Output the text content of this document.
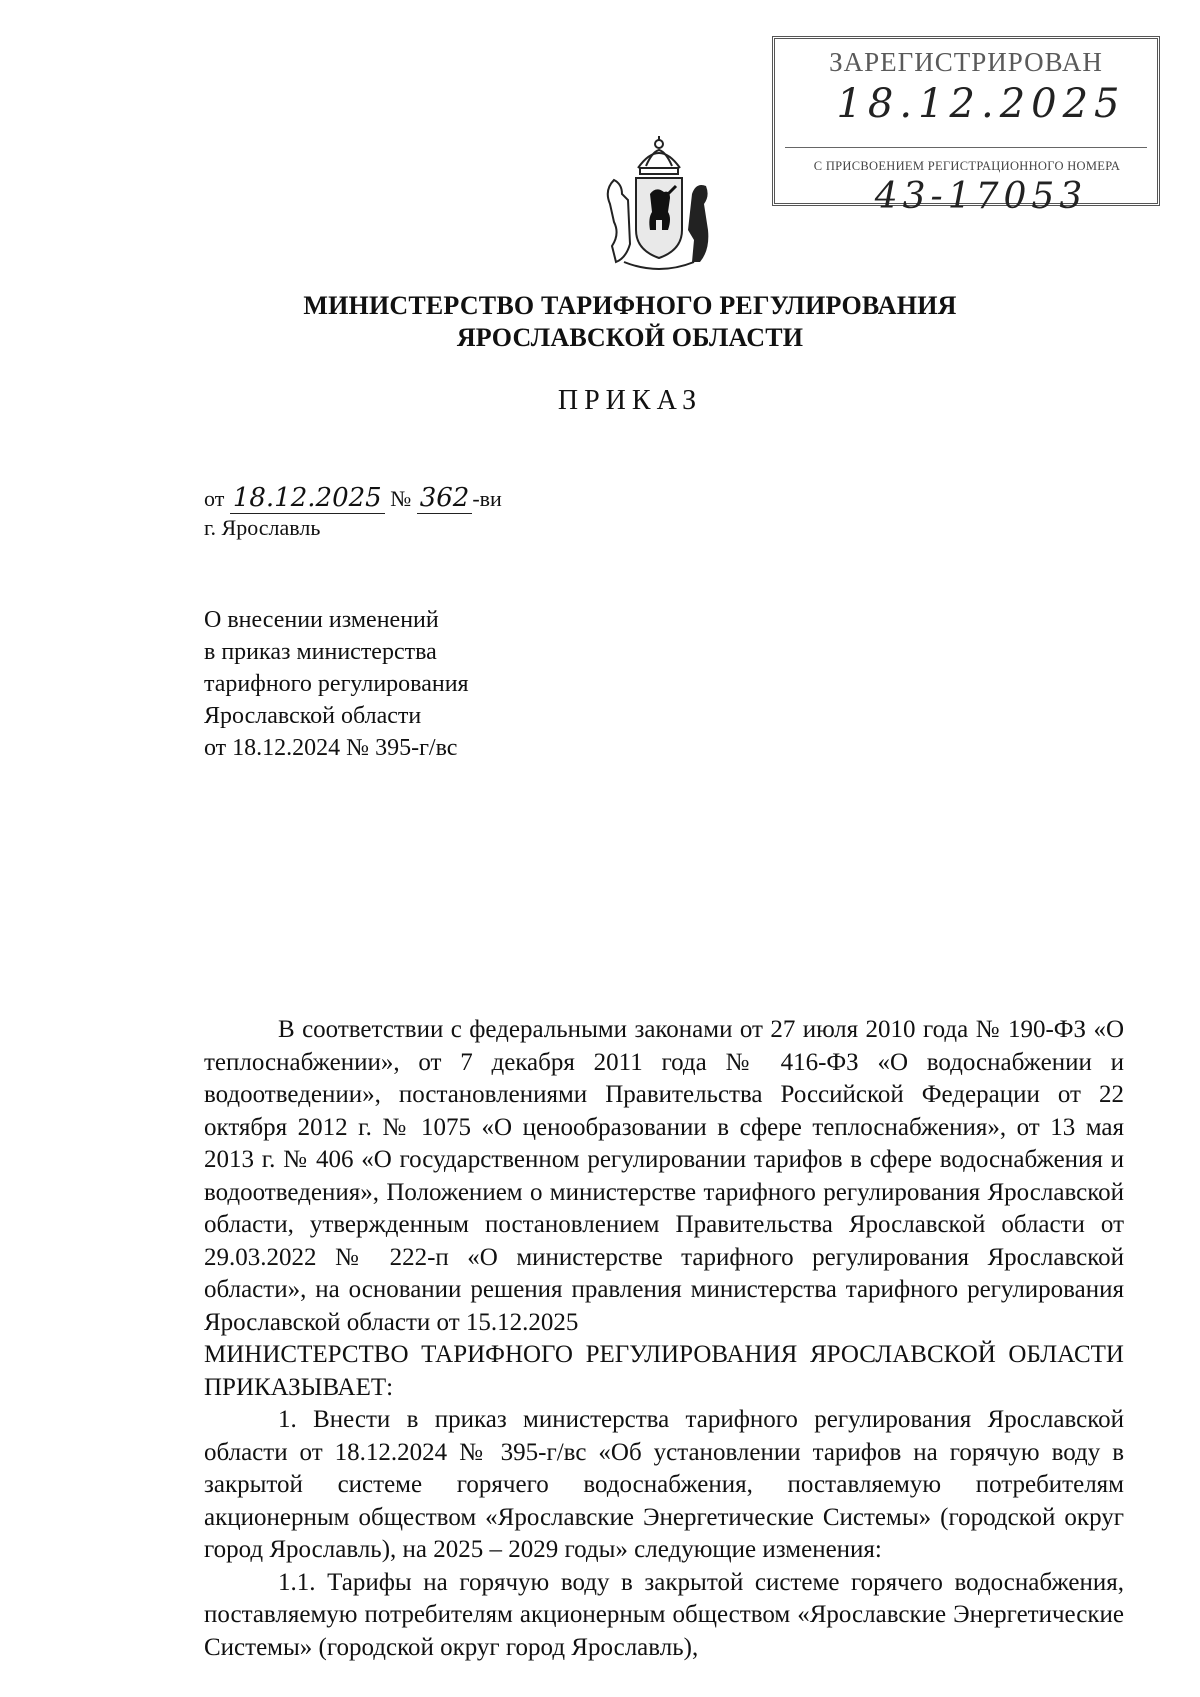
ЗАРЕГИСТРИРОВАН
18.12.2025
С ПРИСВОЕНИЕМ РЕГИСТРАЦИОННОГО НОМЕРА
43-17053
МИНИСТЕРСТВО ТАРИФНОГО РЕГУЛИРОВАНИЯ
ЯРОСЛАВСКОЙ ОБЛАСТИ
ПРИКАЗ
от 18.12.2025 № 362 -ви
г. Ярославль
О внесении изменений
в приказ министерства
тарифного регулирования
Ярославской области
от 18.12.2024 № 395-г/вс

В соответствии с федеральными законами от 27 июля 2010 года № 190-ФЗ «О теплоснабжении», от 7 декабря 2011 года № 416-ФЗ «О водоснабжении и водоотведении», постановлениями Правительства Российской Федерации от 22 октября 2012 г. № 1075 «О ценообразовании в сфере теплоснабжения», от 13 мая 2013 г. № 406 «О государственном регулировании тарифов в сфере водоснабжения и водоотведения», Положением о министерстве тарифного регулирования Ярославской области, утвержденным постановлением Правительства Ярославской области от 29.03.2022 № 222-п «О министерстве тарифного регулирования Ярославской области», на основании решения правления министерства тарифного регулирования Ярославской области от 15.12.2025

МИНИСТЕРСТВО ТАРИФНОГО РЕГУЛИРОВАНИЯ ЯРОСЛАВСКОЙ ОБЛАСТИ ПРИКАЗЫВАЕТ:

1. Внести в приказ министерства тарифного регулирования Ярославской области от 18.12.2024 № 395-г/вс «Об установлении тарифов на горячую воду в закрытой системе горячего водоснабжения, поставляемую потребителям акционерным обществом «Ярославские Энергетические Системы» (городской округ город Ярославль), на 2025 – 2029 годы» следующие изменения:

1.1. Тарифы на горячую воду в закрытой системе горячего водоснабжения, поставляемую потребителям акционерным обществом «Ярославские Энергетические Системы» (городской округ город Ярославль),
